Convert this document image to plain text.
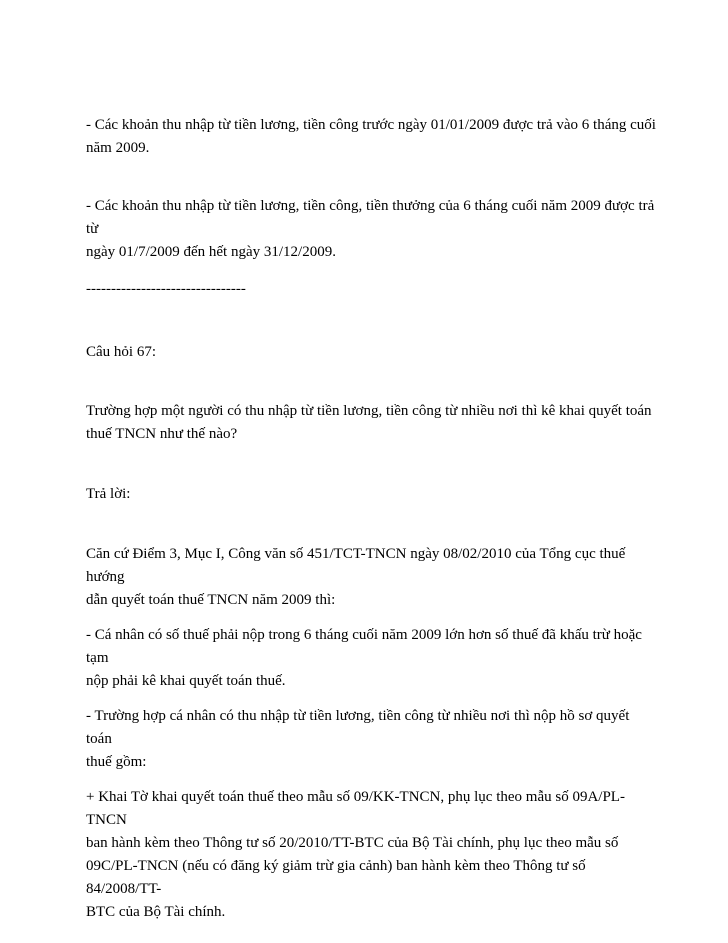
- Các khoản thu nhập từ tiền lương, tiền công trước ngày 01/01/2009 được trả vào 6 tháng cuối
năm 2009.

- Các khoản thu nhập từ tiền lương, tiền công, tiền thưởng của 6 tháng cuối năm 2009 được trả từ
ngày 01/7/2009 đến hết ngày 31/12/2009.

--------------------------------

Câu hỏi 67:

Trường hợp một người có thu nhập từ tiền lương, tiền công từ nhiều nơi thì kê khai quyết toán
thuế TNCN như thế nào?

Trả lời:

Căn cứ Điểm 3, Mục I, Công văn số 451/TCT-TNCN ngày 08/02/2010 của Tổng cục thuế hướng
dẫn quyết toán thuế TNCN năm 2009 thì:

- Cá nhân có số thuế phải nộp trong 6 tháng cuối năm 2009 lớn hơn số thuế đã khấu trừ hoặc tạm
nộp phải kê khai quyết toán thuế.

- Trường hợp cá nhân có thu nhập từ tiền lương, tiền công từ nhiều nơi thì nộp hồ sơ quyết toán
thuế gồm:

+ Khai Tờ khai quyết toán thuế theo mẫu số 09/KK-TNCN, phụ lục theo mẫu số 09A/PL-TNCN
ban hành kèm theo Thông tư số 20/2010/TT-BTC của Bộ Tài chính, phụ lục theo mẫu số
09C/PL-TNCN (nếu có đăng ký giảm trừ gia cảnh) ban hành kèm theo Thông tư số 84/2008/TT-
BTC của Bộ Tài chính.
